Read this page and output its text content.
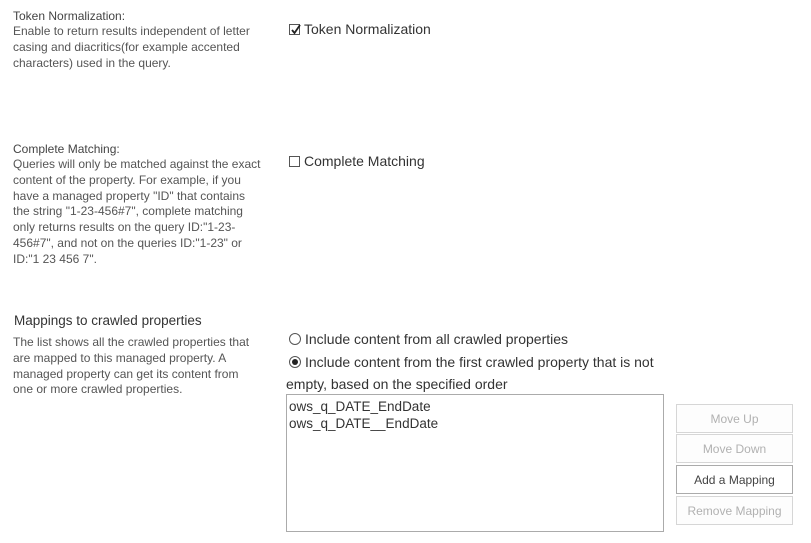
Token Normalization:
Enable to return results independent of letter
casing and diacritics(for example accented
characters) used in the query.
Token Normalization
Complete Matching:
Queries will only be matched against the exact
content of the property. For example, if you
have a managed property "ID" that contains
the string "1-23-456#7", complete matching
only returns results on the query ID:"1-23-
456#7", and not on the queries ID:"1-23" or
ID:"1 23 456 7".
Complete Matching
Mappings to crawled properties
The list shows all the crawled properties that
are mapped to this managed property. A
managed property can get its content from
one or more crawled properties.
Include content from all crawled properties
Include content from the first crawled property that is not
empty, based on the specified order
ows_q_DATE_EndDate
ows_q_DATE__EndDate	Move Up
Move Down
Add a Mapping
Remove Mapping
